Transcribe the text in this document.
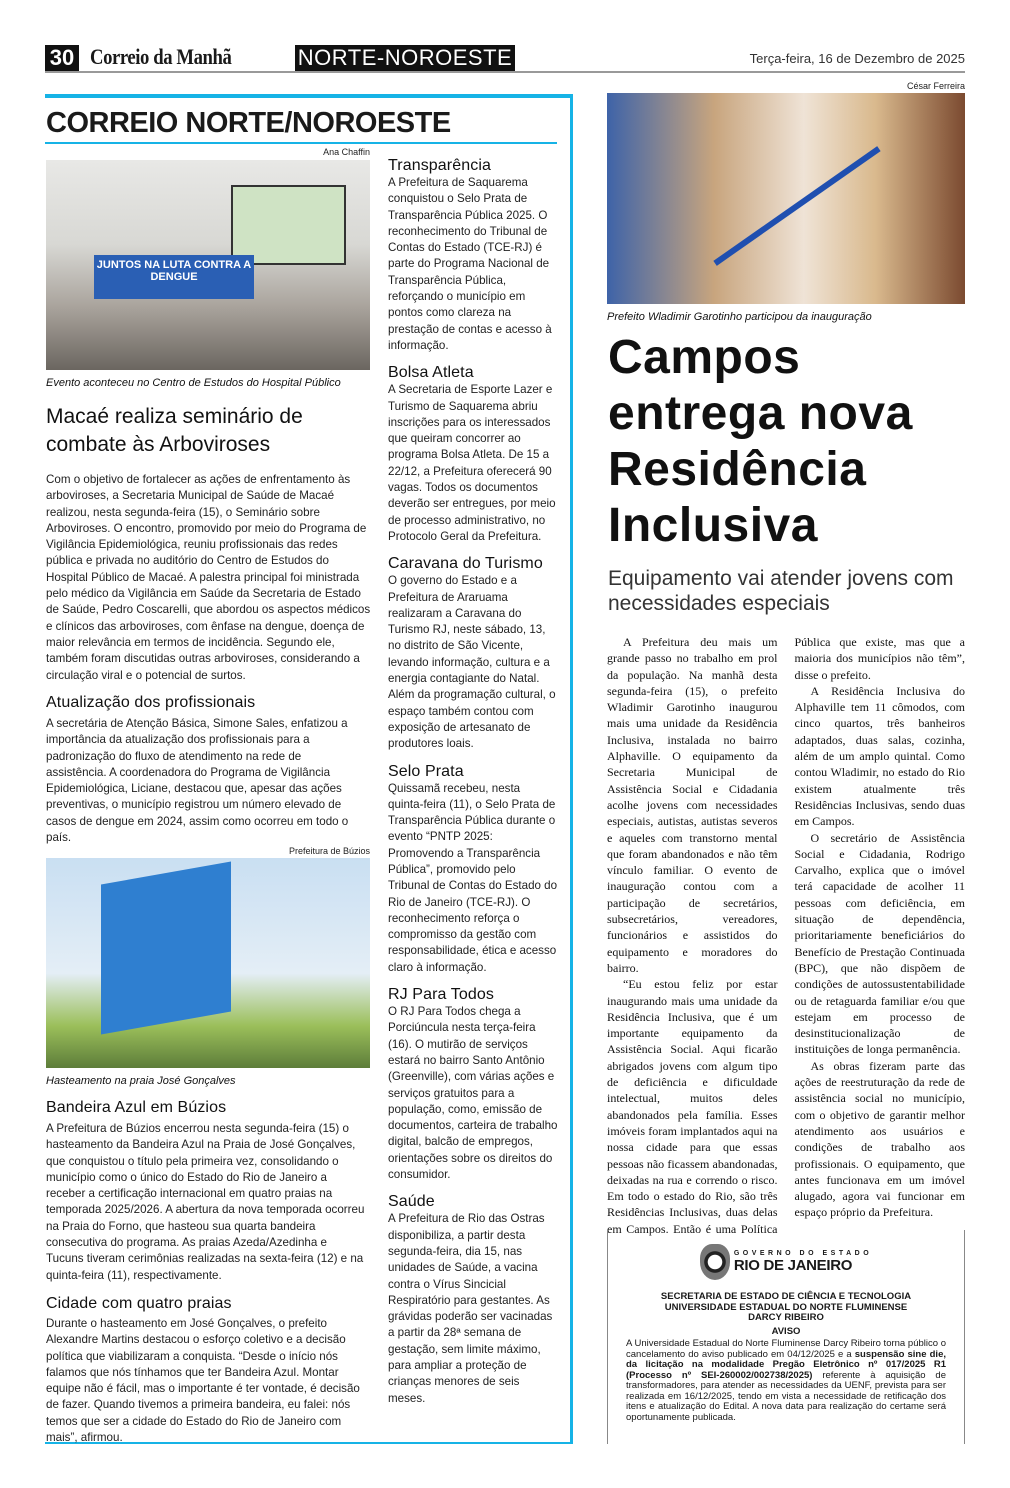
30 Correio da Manhã	NORTE-NOROESTE	Terça-feira, 16 de Dezembro de 2025
CORREIO NORTE/NOROESTE
Ana Chaffin
JUNTOS NA LUTA CONTRA A DENGUE
Evento aconteceu no Centro de Estudos do Hospital Público
Macaé realiza seminário de combate às Arboviroses
Com o objetivo de fortalecer as ações de enfrentamento às arboviroses, a Secretaria Municipal de Saúde de Macaé realizou, nesta segunda-feira (15), o Seminário sobre Arboviroses. O encontro, promovido por meio do Programa de Vigilância Epidemiológica, reuniu profissionais das redes pública e privada no auditório do Centro de Estudos do Hospital Público de Macaé. A palestra principal foi ministrada pelo médico da Vigilância em Saúde da Secretaria de Estado de Saúde, Pedro Coscarelli, que abordou os aspectos médicos e clínicos das arboviroses, com ênfase na dengue, doença de maior relevância em termos de incidência. Segundo ele, também foram discutidas outras arboviroses, considerando a circulação viral e o potencial de surtos.
Atualização dos profissionais
A secretária de Atenção Básica, Simone Sales, enfatizou a importância da atualização dos profissionais para a padronização do fluxo de atendimento na rede de assistência. A coordenadora do Programa de Vigilância Epidemiológica, Liciane, destacou que, apesar das ações preventivas, o município registrou um número elevado de casos de dengue em 2024, assim como ocorreu em todo o país.
Prefeitura de Búzios
Hasteamento na praia José Gonçalves
Bandeira Azul em Búzios
A Prefeitura de Búzios encerrou nesta segunda-feira (15) o hasteamento da Bandeira Azul na Praia de José Gonçalves, que conquistou o título pela primeira vez, consolidando o município como o único do Estado do Rio de Janeiro a receber a certificação internacional em quatro praias na temporada 2025/2026. A abertura da nova temporada ocorreu na Praia do Forno, que hasteou sua quarta bandeira consecutiva do programa. As praias Azeda/Azedinha e Tucuns tiveram cerimônias realizadas na sexta-feira (12) e na quinta-feira (11), respectivamente.
Cidade com quatro praias
Durante o hasteamento em José Gonçalves, o prefeito Alexandre Martins destacou o esforço coletivo e a decisão política que viabilizaram a conquista. “Desde o início nós falamos que nós tínhamos que ter Bandeira Azul. Montar equipe não é fácil, mas o importante é ter vontade, é decisão de fazer. Quando tivemos a primeira bandeira, eu falei: nós temos que ser a cidade do Estado do Rio de Janeiro com mais”, afirmou.
Transparência
A Prefeitura de Saquarema conquistou o Selo Prata de Transparência Pública 2025. O reconhecimento do Tribunal de Contas do Estado (TCE-RJ) é parte do Programa Nacional de Transparência Pública, reforçando o município em pontos como clareza na prestação de contas e acesso à informação.
Bolsa Atleta
A Secretaria de Esporte Lazer e Turismo de Saquarema abriu inscrições para os interessados que queiram concorrer ao programa Bolsa Atleta. De 15 a 22/12, a Prefeitura oferecerá 90 vagas. Todos os documentos deverão ser entregues, por meio de processo administrativo, no Protocolo Geral da Prefeitura.
Caravana do Turismo
O governo do Estado e a Prefeitura de Araruama realizaram a Caravana do Turismo RJ, neste sábado, 13, no distrito de São Vicente, levando informação, cultura e a energia contagiante do Natal. Além da programação cultural, o espaço também contou com exposição de artesanato de produtores loais.
Selo Prata
Quissamã recebeu, nesta quinta-feira (11), o Selo Prata de Transparência Pública durante o evento “PNTP 2025: Promovendo a Transparência Pública”, promovido pelo Tribunal de Contas do Estado do Rio de Janeiro (TCE-RJ). O reconhecimento reforça o compromisso da gestão com responsabilidade, ética e acesso claro à informação.
RJ Para Todos
O RJ Para Todos chega a Porciúncula nesta terça-feira (16). O mutirão de serviços estará no bairro Santo Antônio (Greenville), com várias ações e serviços gratuitos para a população, como, emissão de documentos, carteira de trabalho digital, balcão de empregos, orientações sobre os direitos do consumidor.
Saúde
A Prefeitura de Rio das Ostras disponibiliza, a partir desta segunda-feira, dia 15, nas unidades de Saúde, a vacina contra o Vírus Sincicial Respiratório para gestantes. As grávidas poderão ser vacinadas a partir da 28ª semana de gestação, sem limite máximo, para ampliar a proteção de crianças menores de seis meses.
César Ferreira
Prefeito Wladimir Garotinho participou da inauguração
Campos entrega nova Residência Inclusiva
Equipamento vai atender jovens com necessidades especiais

A Prefeitura deu mais um grande passo no trabalho em prol da população. Na manhã desta segunda-feira (15), o prefeito Wladimir Garotinho inaugurou mais uma unidade da Residência Inclusiva, instalada no bairro Alphaville. O equipamento da Secretaria Municipal de Assistência Social e Cidadania acolhe jovens com necessidades especiais, autistas, autistas severos e aqueles com transtorno mental que foram abandonados e não têm vínculo familiar. O evento de inauguração contou com a participação de secretários, subsecretários, vereadores, funcionários e assistidos do equipamento e moradores do bairro.

“Eu estou feliz por estar inaugurando mais uma unidade da Residência Inclusiva, que é um importante equipamento da Assistência Social. Aqui ficarão abrigados jovens com algum tipo de deficiência e dificuldade intelectual, muitos deles abandonados pela família. Esses imóveis foram implantados aqui na nossa cidade para que essas pessoas não ficassem abandonadas, deixadas na rua e correndo o risco. Em todo o estado do Rio, são três Residências Inclusivas, duas delas em Campos. Então é uma Política Pública que existe, mas que a maioria dos municípios não têm”, disse o prefeito.

A Residência Inclusiva do Alphaville tem 11 cômodos, com cinco quartos, três banheiros adaptados, duas salas, cozinha, além de um amplo quintal. Como contou Wladimir, no estado do Rio existem atualmente três Residências Inclusivas, sendo duas em Campos.

O secretário de Assistência Social e Cidadania, Rodrigo Carvalho, explica que o imóvel terá capacidade de acolher 11 pessoas com deficiência, em situação de dependência, prioritariamente beneficiários do Benefício de Prestação Continuada (BPC), que não dispõem de condições de autossustentabilidade ou de retaguarda familiar e/ou que estejam em processo de desinstitucionalização de instituições de longa permanência.

As obras fizeram parte das ações de reestruturação da rede de assistência social no município, com o objetivo de garantir melhor atendimento aos usuários e condições de trabalho aos profissionais. O equipamento, que antes funcionava em um imóvel alugado, agora vai funcionar em espaço próprio da Prefeitura.

GOVERNO DO ESTADO
RIO DE JANEIRO
SECRETARIA DE ESTADO DE CIÊNCIA E TECNOLOGIA
UNIVERSIDADE ESTADUAL DO NORTE FLUMINENSE
DARCY RIBEIRO
AVISO
A Universidade Estadual do Norte Fluminense Darcy Ribeiro torna público o cancelamento do aviso publicado em 04/12/2025 e a suspensão sine die, da licitação na modalidade Pregão Eletrônico nº 017/2025 R1 (Processo nº SEI-260002/002738/2025) referente à aquisição de transformadores, para atender as necessidades da UENF, prevista para ser realizada em 16/12/2025, tendo em vista a necessidade de retificação dos itens e atualização do Edital. A nova data para realização do certame será oportunamente publicada.
